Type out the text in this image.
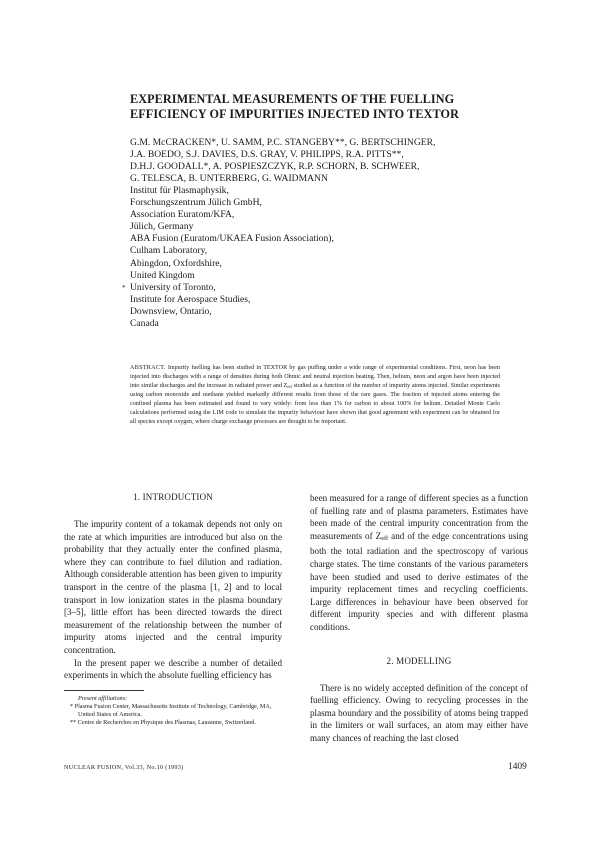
EXPERIMENTAL MEASUREMENTS OF THE FUELLING
EFFICIENCY OF IMPURITIES INJECTED INTO TEXTOR
G.M. McCRACKEN*, U. SAMM, P.C. STANGEBY**, G. BERTSCHINGER,
J.A. BOEDO, S.J. DAVIES, D.S. GRAY, V. PHILIPPS, R.A. PITTS**,
D.H.J. GOODALL*, A. POSPIESZCZYK, R.P. SCHORN, B. SCHWEER,
G. TELESCA, B. UNTERBERG, G. WAIDMANN
Institut für Plasmaphysik,
Forschungszentrum Jülich GmbH,
Association Euratom/KFA,
Jülich, Germany
ABA Fusion (Euratom/UKAEA Fusion Association),
Culham Laboratory,
Abingdon, Oxfordshire,
United Kingdom
* University of Toronto,
Institute for Aerospace Studies,
Downsview, Ontario,
Canada
ABSTRACT. Impurity fuelling has been studied in TEXTOR by gas puffing under a wide range of experimental conditions. First, neon has been injected into discharges with a range of densities during both Ohmic and neutral injection heating. Then, helium, neon and argon have been injected into similar discharges and the increase in radiated power and $Z_{eff}$ studied as a function of the number of impurity atoms injected. Similar experiments using carbon monoxide and methane yielded markedly different results from those of the rare gases. The fraction of injected atoms entering the confined plasma has been estimated and found to vary widely: from less than 1% for carbon to about 100% for helium. Detailed Monte Carlo calculations performed using the LIM code to simulate the impurity behaviour have shown that good agreement with experiment can be obtained for all species except oxygen, where charge exchange processes are thought to be important.
1. INTRODUCTION

The impurity content of a tokamak depends not only on the rate at which impurities are introduced but also on the probability that they actually enter the confined plasma, where they can contribute to fuel dilution and radiation. Although considerable attention has been given to impurity transport in the centre of the plasma [1, 2] and to local transport in low ionization states in the plasma boundary [3–5], little effort has been directed towards the direct measurement of the relationship between the number of impurity atoms injected and the central impurity concentration.

In the present paper we describe a number of detailed experiments in which the absolute fuelling efficiency has

Present affiliations:
* Plasma Fusion Center, Massachusetts Institute of Technology, Cambridge, MA, United States of America.
** Centre de Recherches en Physique des Plasmas, Lausanne, Switzerland.

been measured for a range of different species as a function of fuelling rate and of plasma parameters. Estimates have been made of the central impurity concentration from the measurements of $Z_{eff}$ and of the edge concentrations using both the total radiation and the spectroscopy of various charge states. The time constants of the various parameters have been studied and used to derive estimates of the impurity replacement times and recycling coefficients. Large differences in behaviour have been observed for different impurity species and with different plasma conditions.

2. MODELLING

There is no widely accepted definition of the concept of fuelling efficiency. Owing to recycling processes in the plasma boundary and the possibility of atoms being trapped in the limiters or wall surfaces, an atom may either have many chances of reaching the last closed

NUCLEAR FUSION, Vol.33, No.10 (1993)	1409
